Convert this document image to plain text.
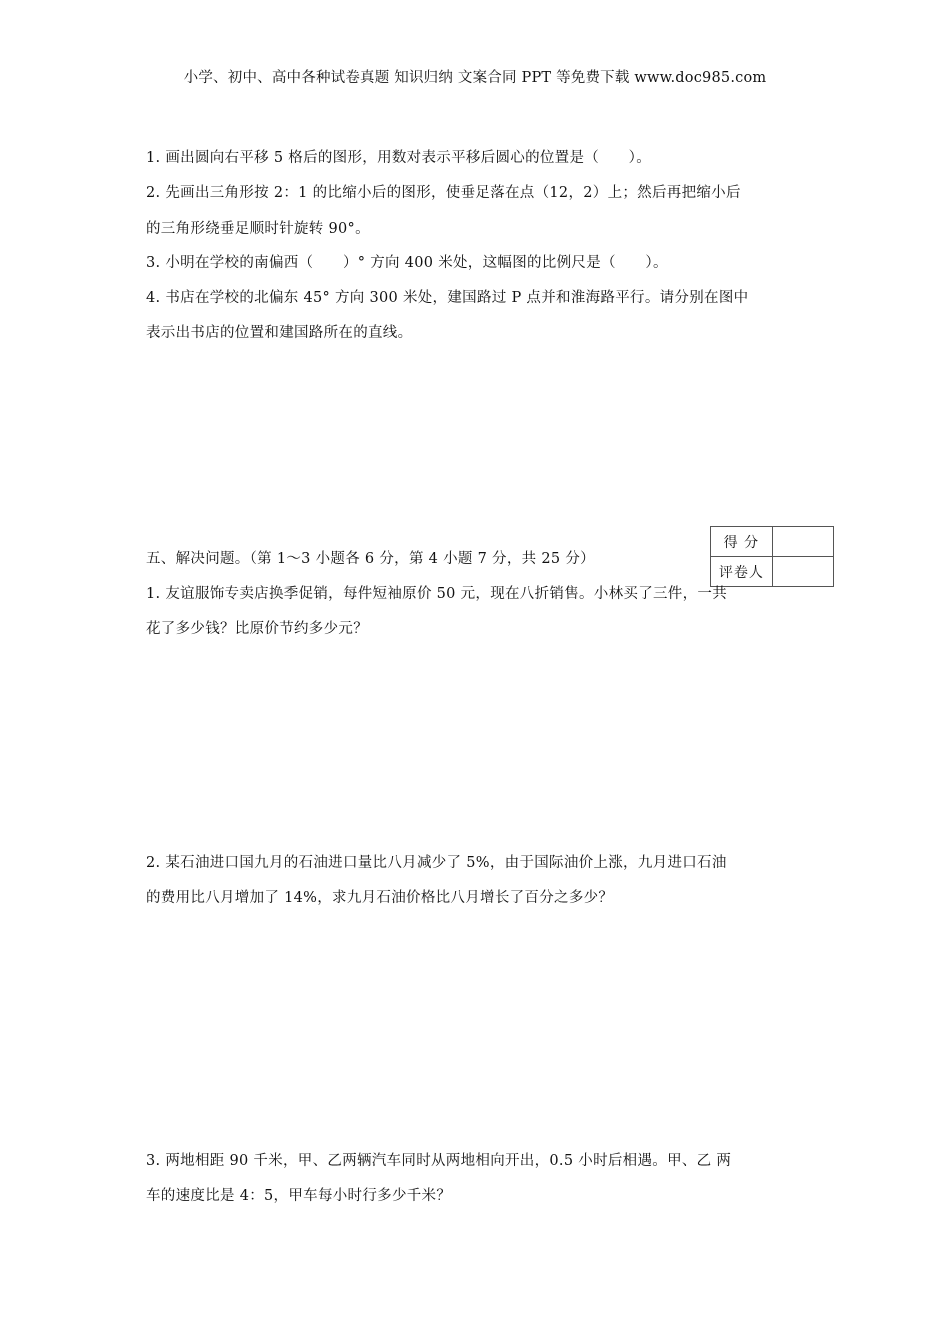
小学、初中、高中各种试卷真题 知识归纳 文案合同 PPT 等免费下载 www.doc985.com
1. 画出圆向右平移 5 格后的图形，用数对表示平移后圆心的位置是（　　）。
2. 先画出三角形按 2：1 的比缩小后的图形，使垂足落在点（12，2）上；然后再把缩小后
的三角形绕垂足顺时针旋转 90°。
3. 小明在学校的南偏西（　　）° 方向 400 米处，这幅图的比例尺是（　　）。
4. 书店在学校的北偏东 45° 方向 300 米处，建国路过 P 点并和淮海路平行。请分别在图中
表示出书店的位置和建国路所在的直线。
得 分	
评卷人	
五、解决问题。（第 1～3 小题各 6 分，第 4 小题 7 分，共 25 分）
1. 友谊服饰专卖店换季促销，每件短袖原价 50 元，现在八折销售。小林买了三件，一共
花了多少钱？比原价节约多少元？
2. 某石油进口国九月的石油进口量比八月减少了 5%，由于国际油价上涨，九月进口石油
的费用比八月增加了 14%，求九月石油价格比八月增长了百分之多少？
3. 两地相距 90 千米，甲、乙两辆汽车同时从两地相向开出，0.5 小时后相遇。甲、乙 两
车的速度比是 4：5，甲车每小时行多少千米？
